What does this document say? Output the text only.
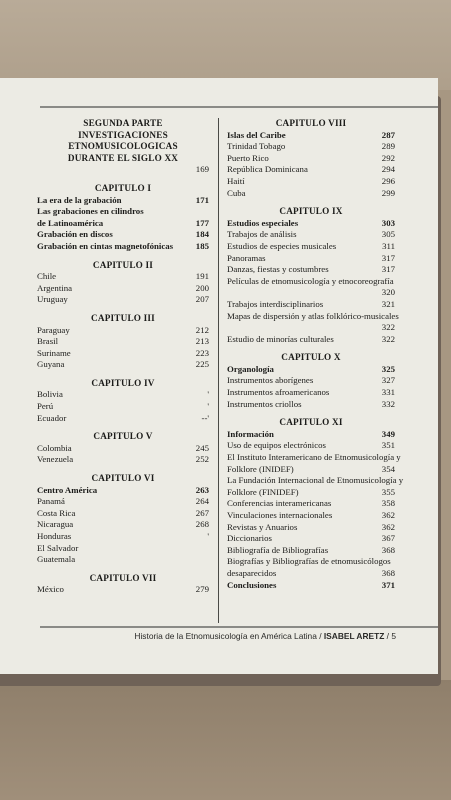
SEGUNDA PARTE
INVESTIGACIONES
ETNOMUSICOLOGICAS
DURANTE EL SIGLO XX
169
CAPITULO I
La era de la grabación	171
Las grabaciones en cilindros
de Latinoamérica	177
Grabación en discos	184
Grabación en cintas magnetofónicas	185
CAPITULO II
Chile	191
Argentina	200
Uruguay	207
CAPITULO III
Paraguay	212
Brasil	213
Suriname	223
Guyana	225
CAPITULO IV
Bolivia	'
Perú	'
Ecuador	--'
CAPITULO V
Colombia	245
Venezuela	252
CAPITULO VI
Centro América	263
Panamá	264
Costa Rica	267
Nicaragua	268
Honduras	'
El Salvador
Guatemala
CAPITULO VII
México	279
CAPITULO VIII
Islas del Caribe	287
Trinidad Tobago	289
Puerto Rico	292
República Dominicana	294
Haití	296
Cuba	299
CAPITULO IX
Estudios especiales	303
Trabajos de análisis	305
Estudios de especies musicales	311
Panoramas	317
Danzas, fiestas y costumbres	317
Películas de etnomusicología y etnocoreografía
320
Trabajos interdisciplinarios	321
Mapas de dispersión y atlas folklórico-musicales
322
Estudio de minorías culturales	322
CAPITULO X
Organología	325
Instrumentos aborígenes	327
Instrumentos afroamericanos	331
Instrumentos criollos	332
CAPITULO XI
Información	349
Uso de equipos electrónicos	351
El Instituto Interamericano de Etnomusicología y
Folklore (INIDEF)	354
La Fundación Internacional de Etnomusicología y
Folklore (FINIDEF)	355
Conferencias interamericanas	358
Vinculaciones internacionales	362
Revistas y Anuarios	362
Diccionarios	367
Bibliografía de Bibliografías	368
Biografías y Bibliografías de etnomusicólogos
desaparecidos	368
Conclusiones	371
Historia de la Etnomusicología en América Latina / ISABEL ARETZ / 5
